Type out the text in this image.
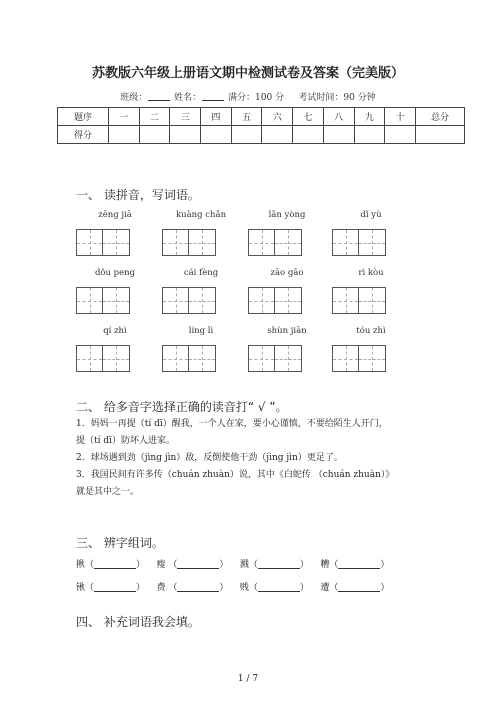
苏教版六年级上册语文期中检测试卷及答案（完美版）
班级：	姓名：	满分：100 分 考试时间：90 分钟
题序	一	二	三	四	五	六	七	八	九	十	总分
得分											
一、 读拼音，写词语。
zēng jiā	kuàng chǎn	lǎn yòng	dǐ yù
dǒu peng	cái fèng	zāo gāo	rì kòu
qí zhì	líng lì	shùn jiān	tóu zhì
二、 给多音字选择正确的读音打“ √ ”。
1．妈妈一再提（tí dī）醒我，一个人在家，要小心谨慎，不要给陌生人开门，
提（tí dī）防坏人进家。
2．球场遇到劲（jìng jìn）敌，反倒使他干劲（jìng jìn）更足了。
3．我国民间有许多传（chuán zhuàn）说，其中《白蛇传 （chuán zhuàn）》
就是其中之一。
三、 辨字组词。
揪（	） 瘦 （	） 溅（	） 糟（	）
锹（	） 费 （	） 贱（	） 遭（	）
四、 补充词语我会填。
1 / 7
